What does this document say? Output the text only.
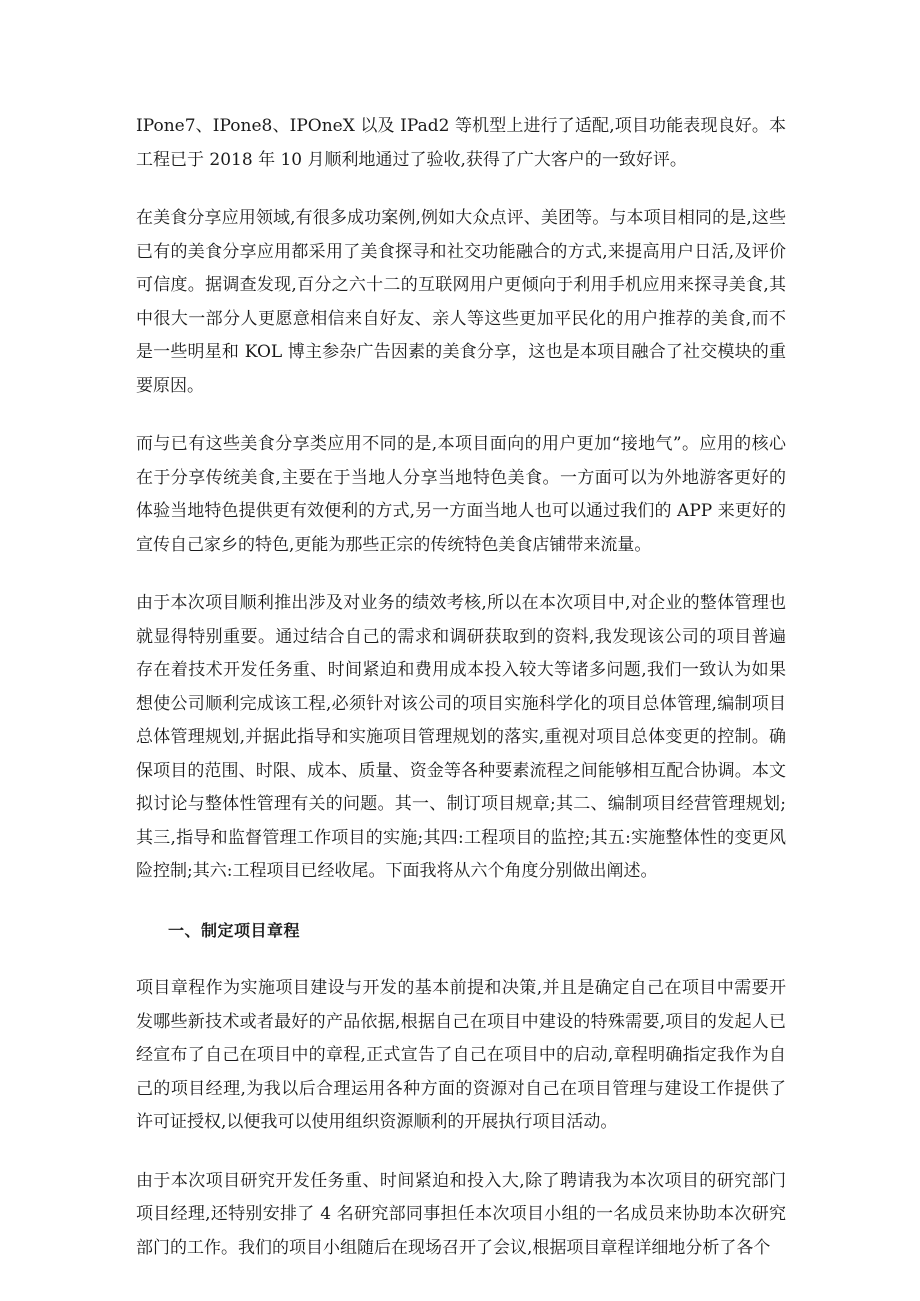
IPone7、IPone8、IPOneX 以及 IPad2 等机型上进行了适配,项目功能表现良好。本工程已于 2018 年 10 月顺利地通过了验收,获得了广大客户的一致好评。

在美食分享应用领域,有很多成功案例,例如大众点评、美团等。与本项目相同的是,这些已有的美食分享应用都采用了美食探寻和社交功能融合的方式,来提高用户日活,及评价可信度。据调查发现,百分之六十二的互联网用户更倾向于利用手机应用来探寻美食,其中很大一部分人更愿意相信来自好友、亲人等这些更加平民化的用户推荐的美食,而不是一些明星和 KOL 博主参杂广告因素的美食分享，这也是本项目融合了社交模块的重要原因。

而与已有这些美食分享类应用不同的是,本项目面向的用户更加“接地气”。应用的核心在于分享传统美食,主要在于当地人分享当地特色美食。一方面可以为外地游客更好的体验当地特色提供更有效便利的方式,另一方面当地人也可以通过我们的 APP 来更好的宣传自己家乡的特色,更能为那些正宗的传统特色美食店铺带来流量。

由于本次项目顺利推出涉及对业务的绩效考核,所以在本次项目中,对企业的整体管理也就显得特别重要。通过结合自己的需求和调研获取到的资料,我发现该公司的项目普遍存在着技术开发任务重、时间紧迫和费用成本投入较大等诸多问题,我们一致认为如果想使公司顺利完成该工程,必须针对该公司的项目实施科学化的项目总体管理,编制项目总体管理规划,并据此指导和实施项目管理规划的落实,重视对项目总体变更的控制。确保项目的范围、时限、成本、质量、资金等各种要素流程之间能够相互配合协调。本文拟讨论与整体性管理有关的问题。其一、制订项目规章;其二、编制项目经营管理规划;其三,指导和监督管理工作项目的实施;其四:工程项目的监控;其五:实施整体性的变更风险控制;其六:工程项目已经收尾。下面我将从六个角度分别做出阐述。

一、制定项目章程

项目章程作为实施项目建设与开发的基本前提和决策,并且是确定自己在项目中需要开发哪些新技术或者最好的产品依据,根据自己在项目中建设的特殊需要,项目的发起人已经宣布了自己在项目中的章程,正式宣告了自己在项目中的启动,章程明确指定我作为自己的项目经理,为我以后合理运用各种方面的资源对自己在项目管理与建设工作提供了许可证授权,以便我可以使用组织资源顺利的开展执行项目活动。

由于本次项目研究开发任务重、时间紧迫和投入大,除了聘请我为本次项目的研究部门项目经理,还特别安排了 4 名研究部同事担任本次项目小组的一名成员来协助本次研究部门的工作。我们的项目小组随后在现场召开了会议,根据项目章程详细地分析了各个
